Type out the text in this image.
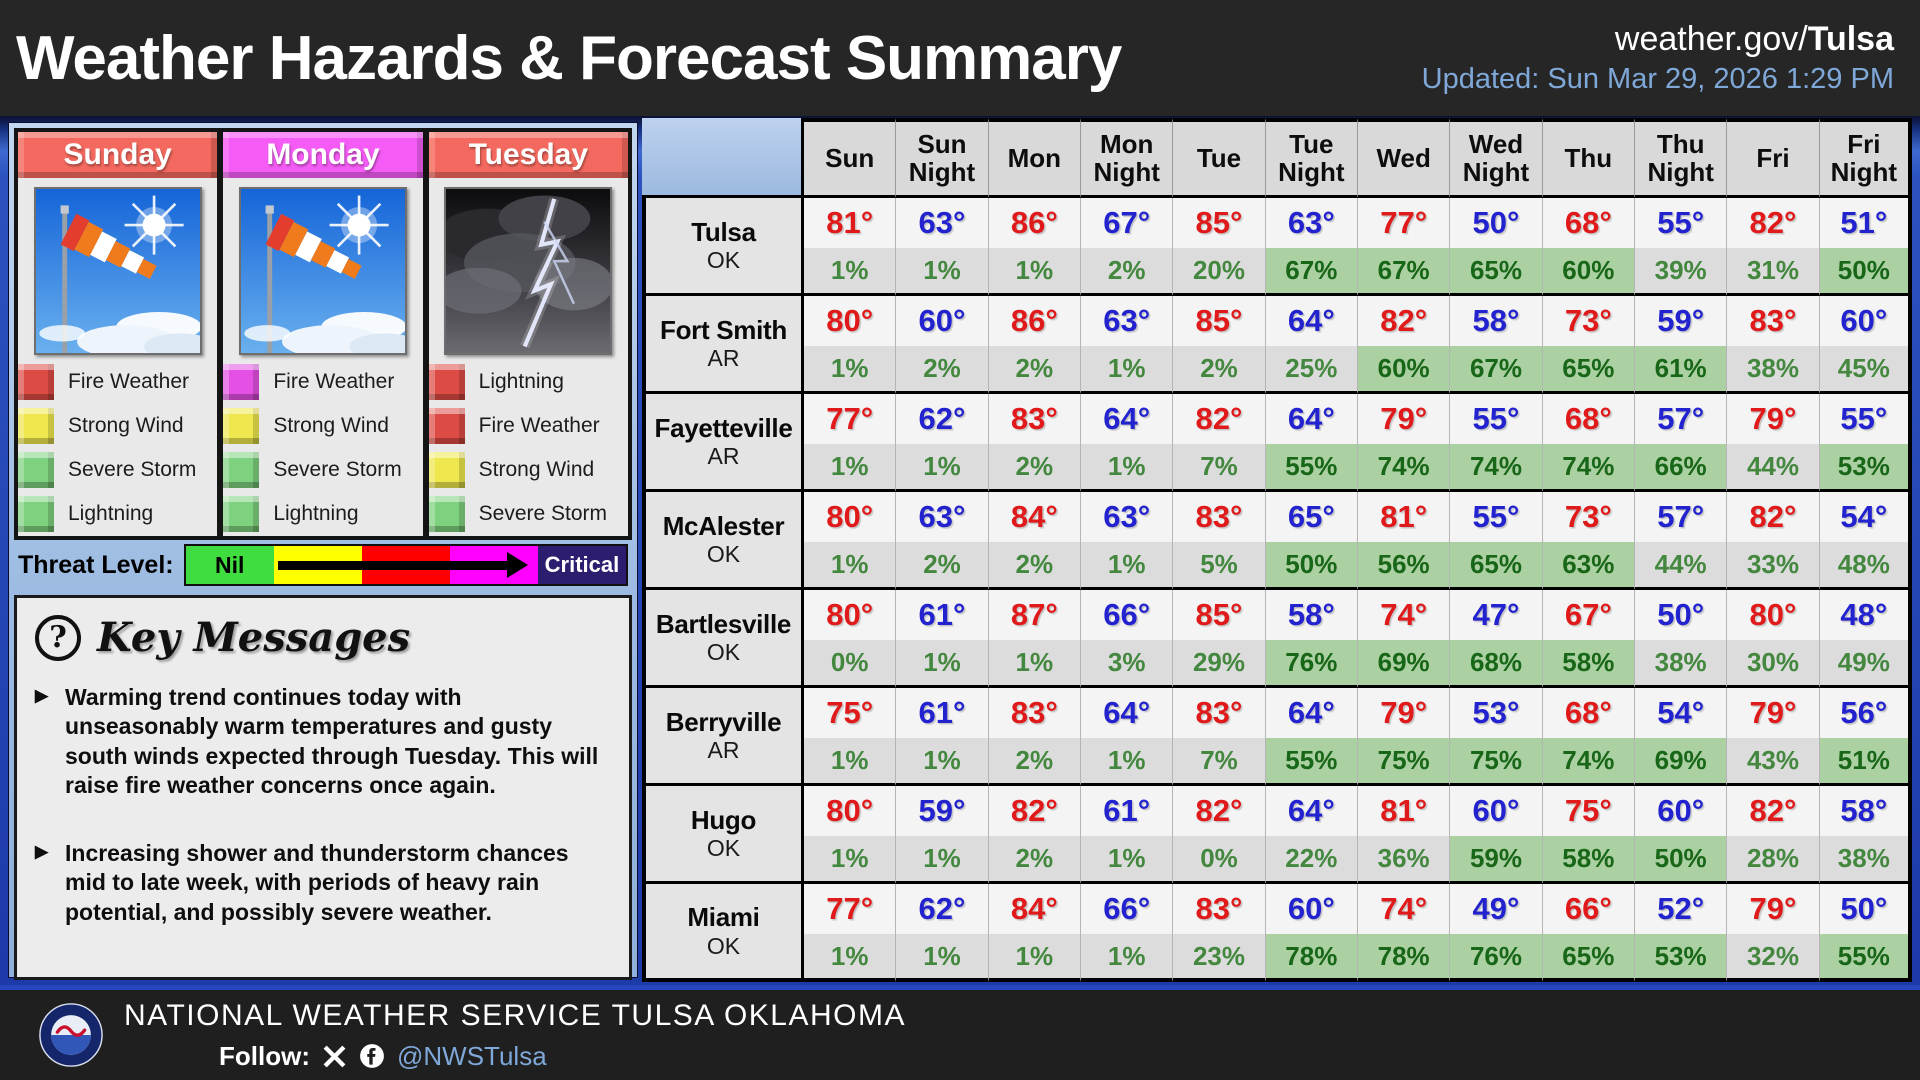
Weather Hazards & Forecast Summary	weather.gov/Tulsa
Updated: Sun Mar 29, 2026 1:29 PM
Sunday
Fire Weather
Strong Wind
Severe Storm
Lightning
Monday
Fire Weather
Strong Wind
Severe Storm
Lightning
Tuesday
Lightning
Fire Weather
Strong Wind
Severe Storm
Threat Level:	Nil	Critical
? Key Messages
▶ Warming trend continues today with unseasonably warm temperatures and gusty south winds expected through Tuesday. This will raise fire weather concerns once again.
▶ Increasing shower and thunderstorm chances mid to late week, with periods of heavy rain potential, and possibly severe weather.
Sun	Sun Night	Mon	Mon Night	Tue	Tue Night	Wed	Wed Night	Thu	Thu Night	Fri	Fri Night
Tulsa
OK
81°	63°	86°	67°	85°	63°	77°	50°	68°	55°	82°	51°
1%	1%	1%	2%	20%	67%	67%	65%	60%	39%	31%	50%
Fort Smith
AR
80°	60°	86°	63°	85°	64°	82°	58°	73°	59°	83°	60°
1%	2%	2%	1%	2%	25%	60%	67%	65%	61%	38%	45%
Fayetteville
AR
77°	62°	83°	64°	82°	64°	79°	55°	68°	57°	79°	55°
1%	1%	2%	1%	7%	55%	74%	74%	74%	66%	44%	53%
McAlester
OK
80°	63°	84°	63°	83°	65°	81°	55°	73°	57°	82°	54°
1%	2%	2%	1%	5%	50%	56%	65%	63%	44%	33%	48%
Bartlesville
OK
80°	61°	87°	66°	85°	58°	74°	47°	67°	50°	80°	48°
0%	1%	1%	3%	29%	76%	69%	68%	58%	38%	30%	49%
Berryville
AR
75°	61°	83°	64°	83°	64°	79°	53°	68°	54°	79°	56°
1%	1%	2%	1%	7%	55%	75%	75%	74%	69%	43%	51%
Hugo
OK
80°	59°	82°	61°	82°	64°	81°	60°	75°	60°	82°	58°
1%	1%	2%	1%	0%	22%	36%	59%	58%	50%	28%	38%
Miami
OK
77°	62°	84°	66°	83°	60°	74°	49°	66°	52°	79°	50°
1%	1%	1%	1%	23%	78%	78%	76%	65%	53%	32%	55%
NATIONAL WEATHER SERVICE TULSA OKLAHOMA
Follow:	@NWSTulsa
